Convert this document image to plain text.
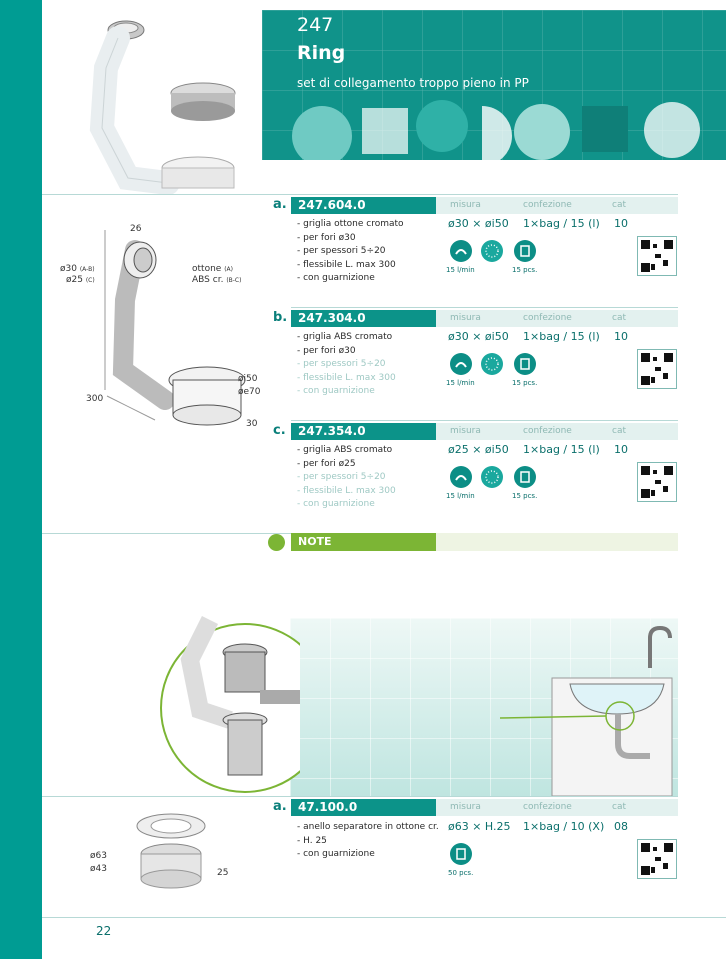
247
Ring
set di collegamento troppo pieno in PP
26
ø30 (A-B)
ø25 (C)
ottone (A)
ABS cr. (B-C)
øi50
øe70
300
30
a. 247.604.0	misura	confezione	cat
- griglia ottone cromato
- per fori ø30
- per spessori 5÷20
- flessibile L. max 300
- con guarnizione
ø30 × øi50 1×bag / 15 (l) 10
15 l/min	15 pcs.
b. 247.304.0	misura	confezione	cat
- griglia ABS cromato
- per fori ø30
- per spessori 5÷20
- flessibile L. max 300
- con guarnizione
ø30 × øi50 1×bag / 15 (l) 10
15 l/min	15 pcs.
c.	247.354.0	misura	confezione	cat
- griglia ABS cromato
- per fori ø25
- per spessori 5÷20
- flessibile L. max 300
- con guarnizione
ø25 × øi50 1×bag / 15 (l) 10
15 l/min	15 pcs.
NOTE
ø63
ø43	25
a. 47.100.0	misura	confezione	cat
- anello separatore in ottone cr.
- H. 25
- con guarnizione
ø63 × H.25 1×bag / 10 (X) 08
50 pcs.
22
